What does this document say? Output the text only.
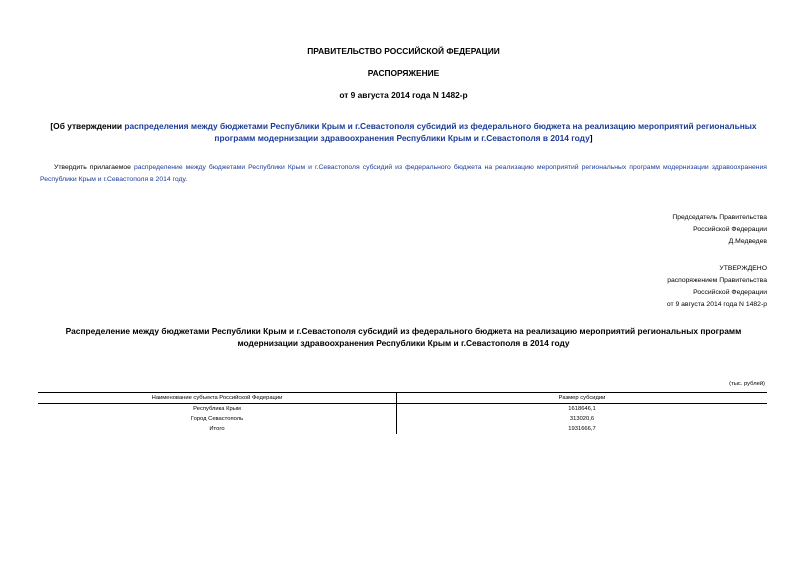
ПРАВИТЕЛЬСТВО РОССИЙСКОЙ ФЕДЕРАЦИИ
РАСПОРЯЖЕНИЕ
от 9 августа 2014 года N 1482-р
[Об утверждении распределения между бюджетами Республики Крым и г.Севастополя субсидий из федерального бюджета на реализацию мероприятий региональных программ модернизации здравоохранения Республики Крым и г.Севастополя в 2014 году]
Утвердить прилагаемое распределение между бюджетами Республики Крым и г.Севастополя субсидий из федерального бюджета на реализацию мероприятий региональных программ модернизации здравоохранения Республики Крым и г.Севастополя в 2014 году.
Председатель Правительства
Российской Федерации
Д.Медведев
УТВЕРЖДЕНО
распоряжением Правительства
Российской Федерации
от 9 августа 2014 года N 1482-р
Распределение между бюджетами Республики Крым и г.Севастополя субсидий из федерального бюджета на реализацию мероприятий региональных программ модернизации здравоохранения Республики Крым и г.Севастополя в 2014 году
(тыс. рублей)
Наименование субъекта Российской Федерации	Размер субсидии
Республика Крым	1618646,1
Город Севастополь	313020,6
Итого	1931666,7
